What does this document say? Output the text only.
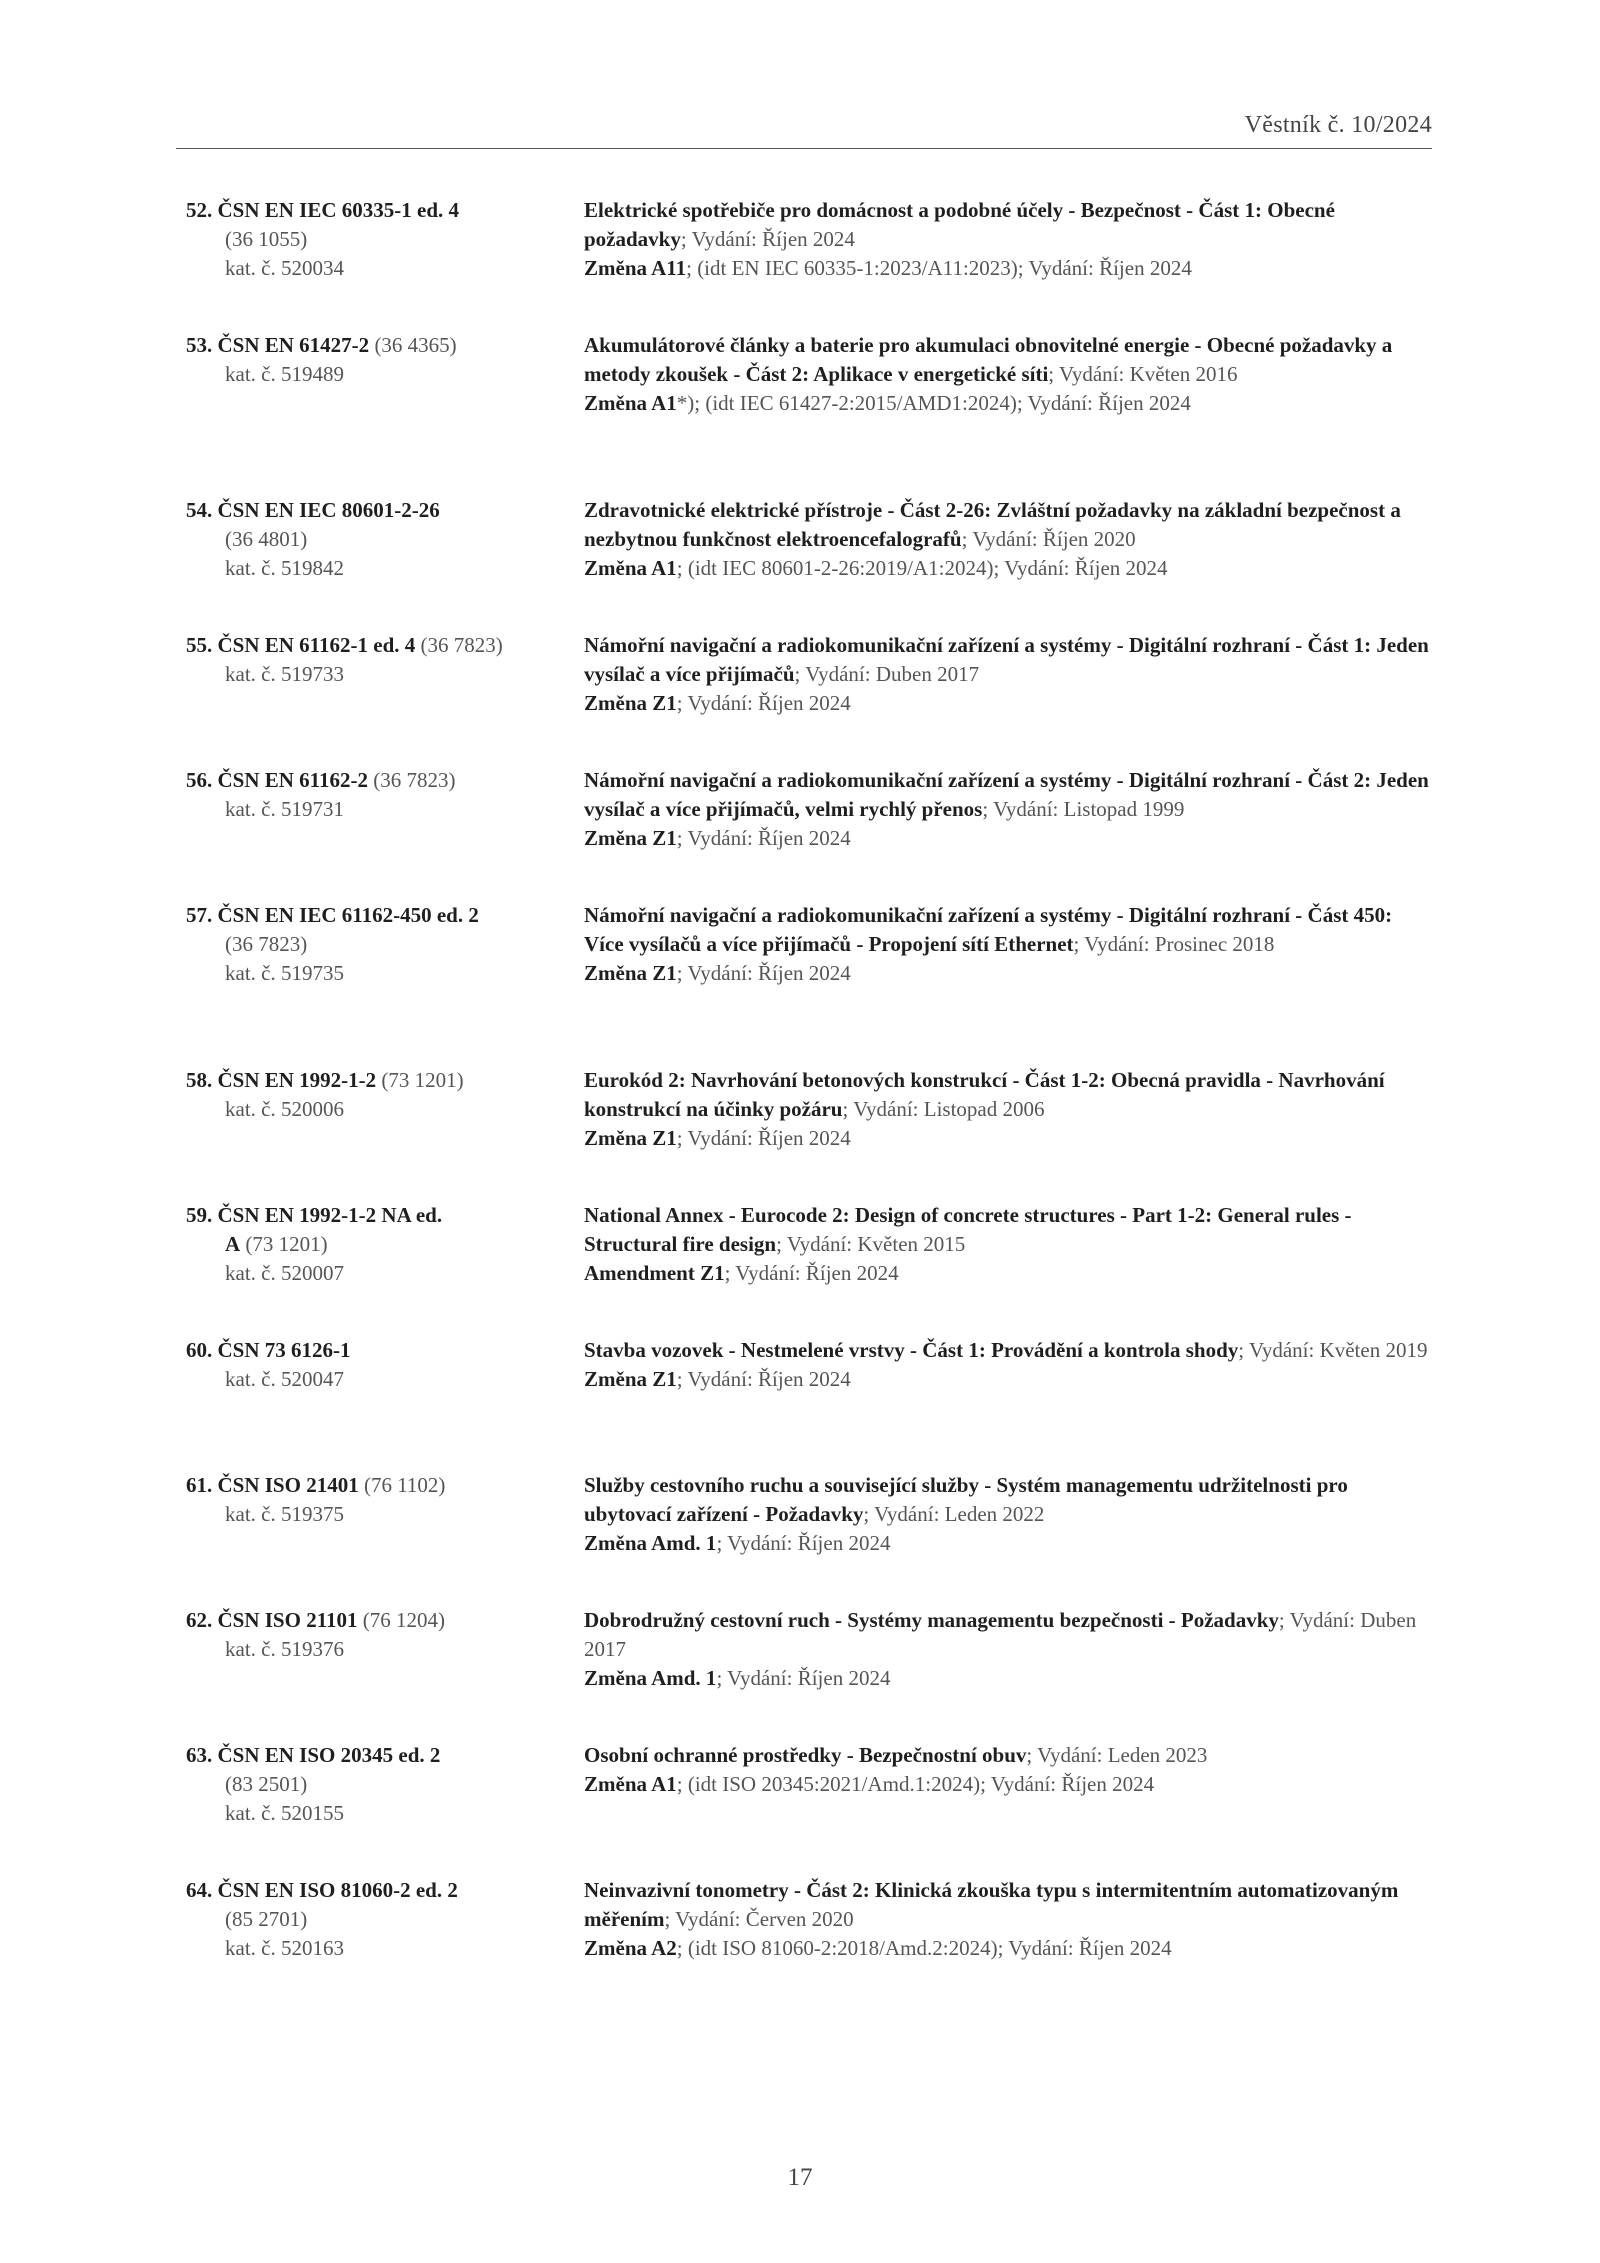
Věstník č. 10/2024
52. ČSN EN IEC 60335-1 ed. 4
(36 1055)
kat. č. 520034
Elektrické spotřebiče pro domácnost a podobné účely - Bezpečnost - Část 1: Obecné požadavky; Vydání: Říjen 2024
Změna A11; (idt EN IEC 60335-1:2023/A11:2023); Vydání: Říjen 2024
53. ČSN EN 61427-2 (36 4365)
kat. č. 519489
Akumulátorové články a baterie pro akumulaci obnovitelné energie - Obecné požadavky a metody zkoušek - Část 2: Aplikace v energetické síti; Vydání: Květen 2016
Změna A1*); (idt IEC 61427-2:2015/AMD1:2024); Vydání: Říjen 2024
54. ČSN EN IEC 80601-2-26
(36 4801)
kat. č. 519842
Zdravotnické elektrické přístroje - Část 2-26: Zvláštní požadavky na základní bezpečnost a nezbytnou funkčnost elektroencefalografů; Vydání: Říjen 2020
Změna A1; (idt IEC 80601-2-26:2019/A1:2024); Vydání: Říjen 2024
55. ČSN EN 61162-1 ed. 4 (36 7823)
kat. č. 519733
Námořní navigační a radiokomunikační zařízení a systémy - Digitální rozhraní - Část 1: Jeden vysílač a více přijímačů; Vydání: Duben 2017
Změna Z1; Vydání: Říjen 2024
56. ČSN EN 61162-2 (36 7823)
kat. č. 519731
Námořní navigační a radiokomunikační zařízení a systémy - Digitální rozhraní - Část 2: Jeden vysílač a více přijímačů, velmi rychlý přenos; Vydání: Listopad 1999
Změna Z1; Vydání: Říjen 2024
57. ČSN EN IEC 61162-450 ed. 2
(36 7823)
kat. č. 519735
Námořní navigační a radiokomunikační zařízení a systémy - Digitální rozhraní - Část 450: Více vysílačů a více přijímačů - Propojení sítí Ethernet; Vydání: Prosinec 2018
Změna Z1; Vydání: Říjen 2024
58. ČSN EN 1992-1-2 (73 1201)
kat. č. 520006
Eurokód 2: Navrhování betonových konstrukcí - Část 1-2: Obecná pravidla - Navrhování konstrukcí na účinky požáru; Vydání: Listopad 2006
Změna Z1; Vydání: Říjen 2024
59. ČSN EN 1992-1-2 NA ed.
A (73 1201)
kat. č. 520007
National Annex - Eurocode 2: Design of concrete structures - Part 1-2: General rules - Structural fire design; Vydání: Květen 2015
Amendment Z1; Vydání: Říjen 2024
60. ČSN 73 6126-1
kat. č. 520047
Stavba vozovek - Nestmelené vrstvy - Část 1: Provádění a kontrola shody; Vydání: Květen 2019
Změna Z1; Vydání: Říjen 2024
61. ČSN ISO 21401 (76 1102)
kat. č. 519375
Služby cestovního ruchu a související služby - Systém managementu udržitelnosti pro ubytovací zařízení - Požadavky; Vydání: Leden 2022
Změna Amd. 1; Vydání: Říjen 2024
62. ČSN ISO 21101 (76 1204)
kat. č. 519376
Dobrodružný cestovní ruch - Systémy managementu bezpečnosti - Požadavky; Vydání: Duben 2017
Změna Amd. 1; Vydání: Říjen 2024
63. ČSN EN ISO 20345 ed. 2
(83 2501)
kat. č. 520155
Osobní ochranné prostředky - Bezpečnostní obuv; Vydání: Leden 2023
Změna A1; (idt ISO 20345:2021/Amd.1:2024); Vydání: Říjen 2024
64. ČSN EN ISO 81060-2 ed. 2
(85 2701)
kat. č. 520163
Neinvazivní tonometry - Část 2: Klinická zkouška typu s intermitentním automatizovaným měřením; Vydání: Červen 2020
Změna A2; (idt ISO 81060-2:2018/Amd.2:2024); Vydání: Říjen 2024
17
